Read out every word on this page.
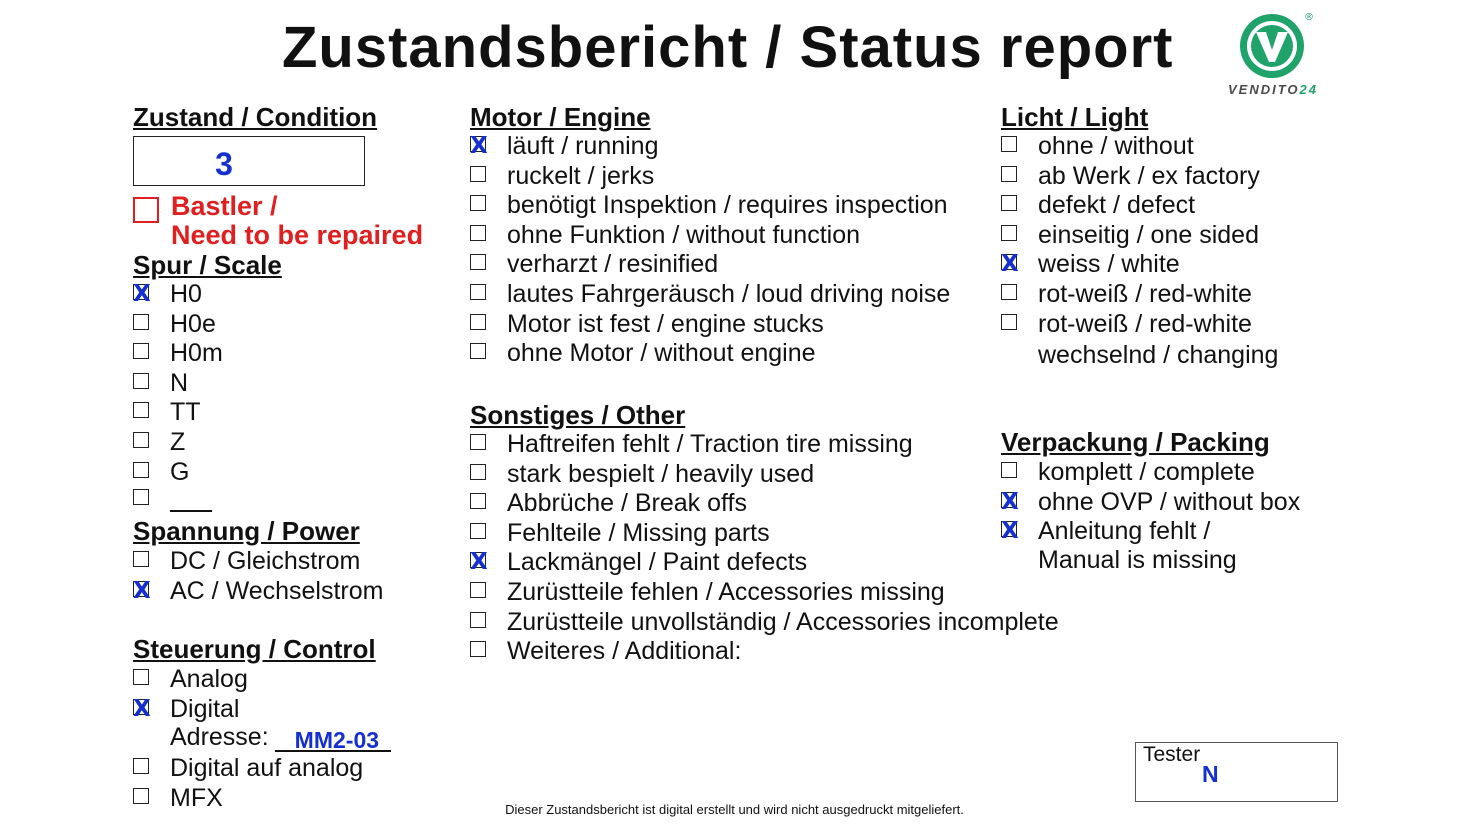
Zustandsbericht / Status report	®
VENDITO24
Zustand / Condition
3
Bastler /
Need to be repaired
Spur / Scale
X H0
H0e
H0m
N
TT
Z
G
Spannung / Power
DC / Gleichstrom
X AC / Wechselstrom
Steuerung / Control
Analog
X Digital
Digital auf analog
MFX
Adresse: MM2-03
Motor / Engine
X läuft / running
ruckelt / jerks
benötigt Inspektion / requires inspection
ohne Funktion / without function
verharzt / resinified
lautes Fahrgeräusch / loud driving noise
Motor ist fest / engine stucks
ohne Motor / without engine
Sonstiges / Other
Haftreifen fehlt / Traction tire missing
stark bespielt / heavily used
Abbrüche / Break offs
Fehlteile / Missing parts
X Lackmängel / Paint defects
Zurüstteile fehlen / Accessories missing
Zurüstteile unvollständig / Accessories incomplete
Weiteres / Additional:
Licht / Light
ohne / without
ab Werk / ex factory
defekt / defect
einseitig / one sided
X weiss / white
rot-weiß / red-white
rot-weiß / red-white
wechselnd / changing
Verpackung / Packing
komplett / complete
X ohne OVP / without box
X Anleitung fehlt /
Manual is missing
Tester
N
Dieser Zustandsbericht ist digital erstellt und wird nicht ausgedruckt mitgeliefert.
